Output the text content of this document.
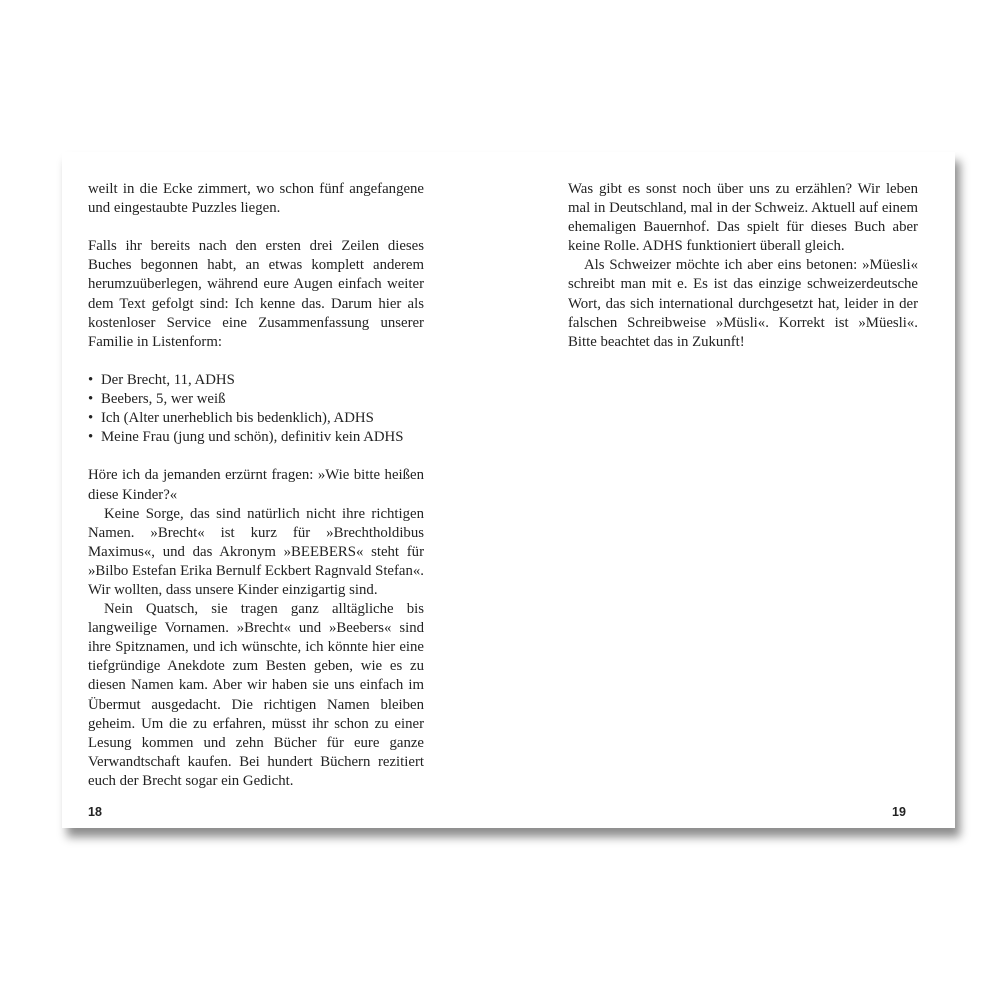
weilt in die Ecke zimmert, wo schon fünf angefangene und eingestaubte Puzzles liegen.

Falls ihr bereits nach den ersten drei Zeilen dieses Buches begonnen habt, an etwas komplett anderem herumzuüberlegen, während eure Augen einfach weiter dem Text gefolgt sind: Ich kenne das. Darum hier als kostenloser Service eine Zusammenfassung unserer Familie in Listenform:

• Der Brecht, 11, ADHS
• Beebers, 5, wer weiß
• Ich (Alter unerheblich bis bedenklich), ADHS
• Meine Frau (jung und schön), definitiv kein ADHS

Höre ich da jemanden erzürnt fragen: »Wie bitte heißen diese Kinder?«

Keine Sorge, das sind natürlich nicht ihre richtigen Namen. »Brecht« ist kurz für »Brechtholdibus Maximus«, und das Akronym »BEEBERS« steht für »Bilbo Estefan Erika Bernulf Eckbert Ragnvald Stefan«. Wir wollten, dass unsere Kinder einzigartig sind.

Nein Quatsch, sie tragen ganz alltägliche bis langweilige Vornamen. »Brecht« und »Beebers« sind ihre Spitznamen, und ich wünschte, ich könnte hier eine tiefgründige Anekdote zum Besten geben, wie es zu diesen Namen kam. Aber wir haben sie uns einfach im Übermut ausgedacht. Die richtigen Namen bleiben geheim. Um die zu erfahren, müsst ihr schon zu einer Lesung kommen und zehn Bücher für eure ganze Verwandtschaft kaufen. Bei hundert Büchern rezitiert euch der Brecht sogar ein Gedicht.

Was gibt es sonst noch über uns zu erzählen? Wir leben mal in Deutschland, mal in der Schweiz. Aktuell auf einem ehemaligen Bauernhof. Das spielt für dieses Buch aber keine Rolle. ADHS funktioniert überall gleich.

Als Schweizer möchte ich aber eins betonen: »Müesli« schreibt man mit e. Es ist das einzige schweizerdeutsche Wort, das sich international durchgesetzt hat, leider in der falschen Schreibweise »Müsli«. Korrekt ist »Müesli«. Bitte beachtet das in Zukunft!

18	19
